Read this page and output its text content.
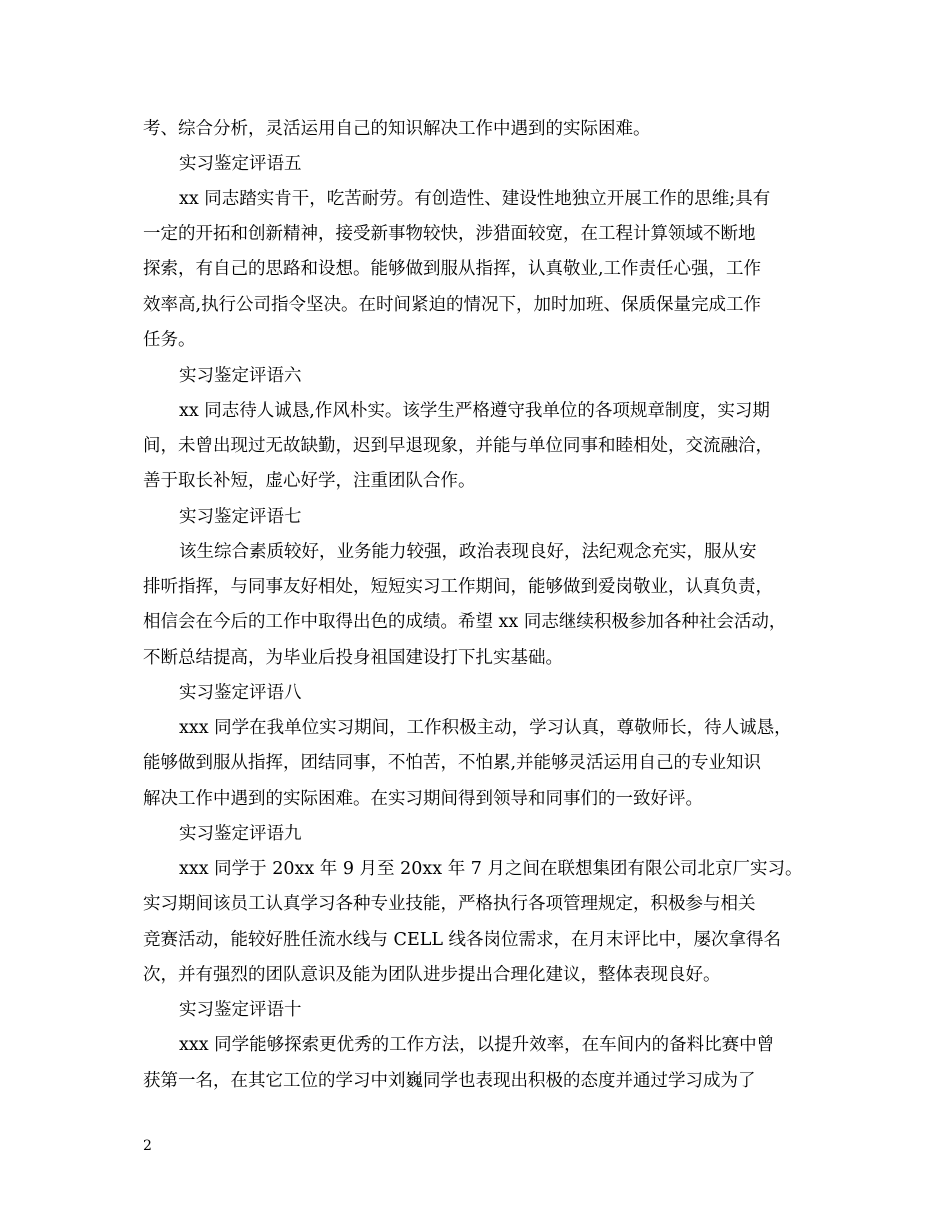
考、综合分析，灵活运用自己的知识解决工作中遇到的实际困难。
实习鉴定评语五
xx 同志踏实肯干，吃苦耐劳。有创造性、建设性地独立开展工作的思维;具有
一定的开拓和创新精神，接受新事物较快，涉猎面较宽，在工程计算领域不断地
探索，有自己的思路和设想。能够做到服从指挥，认真敬业,工作责任心强，工作
效率高,执行公司指令坚决。在时间紧迫的情况下，加时加班、保质保量完成工作
任务。
实习鉴定评语六
xx 同志待人诚恳,作风朴实。该学生严格遵守我单位的各项规章制度，实习期
间，未曾出现过无故缺勤，迟到早退现象，并能与单位同事和睦相处，交流融洽，
善于取长补短，虚心好学，注重团队合作。
实习鉴定评语七
该生综合素质较好，业务能力较强，政治表现良好，法纪观念充实，服从安
排听指挥，与同事友好相处，短短实习工作期间，能够做到爱岗敬业，认真负责，
相信会在今后的工作中取得出色的成绩。希望 xx 同志继续积极参加各种社会活动，
不断总结提高，为毕业后投身祖国建设打下扎实基础。
实习鉴定评语八
xxx 同学在我单位实习期间，工作积极主动，学习认真，尊敬师长，待人诚恳，
能够做到服从指挥，团结同事，不怕苦，不怕累,并能够灵活运用自己的专业知识
解决工作中遇到的实际困难。在实习期间得到领导和同事们的一致好评。
实习鉴定评语九
xxx 同学于 20xx 年 9 月至 20xx 年 7 月之间在联想集团有限公司北京厂实习。
实习期间该员工认真学习各种专业技能，严格执行各项管理规定，积极参与相关
竞赛活动，能较好胜任流水线与 CELL 线各岗位需求，在月末评比中，屡次拿得名
次，并有强烈的团队意识及能为团队进步提出合理化建议，整体表现良好。
实习鉴定评语十
xxx 同学能够探索更优秀的工作方法，以提升效率，在车间内的备料比赛中曾
获第一名，在其它工位的学习中刘巍同学也表现出积极的态度并通过学习成为了
2
